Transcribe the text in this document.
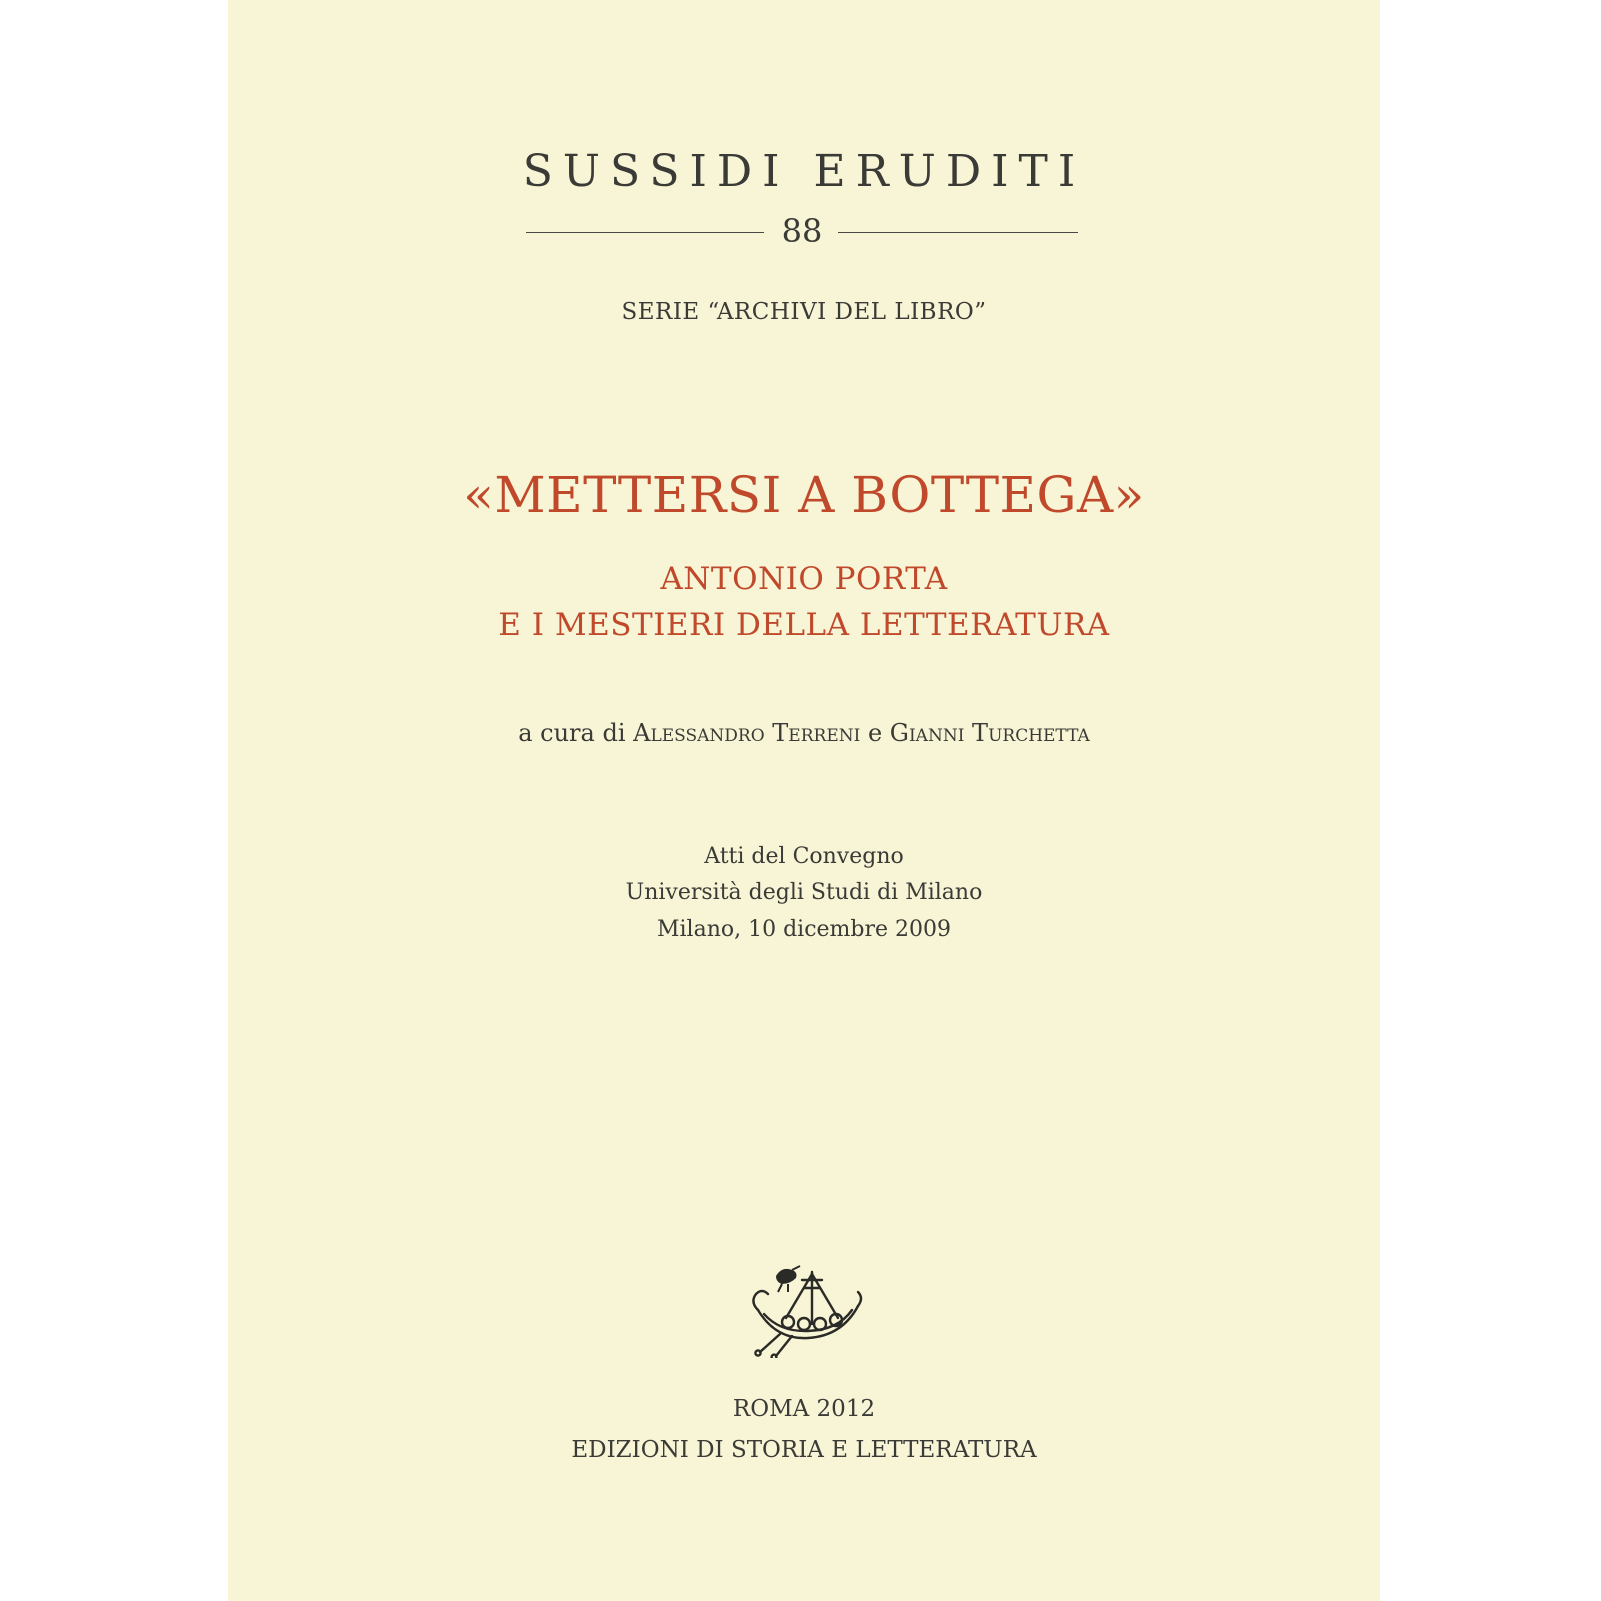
SUSSIDI ERUDITI
88
SERIE “ARCHIVI DEL LIBRO”
«METTERSI A BOTTEGA»
ANTONIO PORTA
E I MESTIERI DELLA LETTERATURA
a cura di Alessandro Terreni e Gianni Turchetta
Atti del Convegno
Università degli Studi di Milano
Milano, 10 dicembre 2009
ROMA 2012
EDIZIONI DI STORIA E LETTERATURA
